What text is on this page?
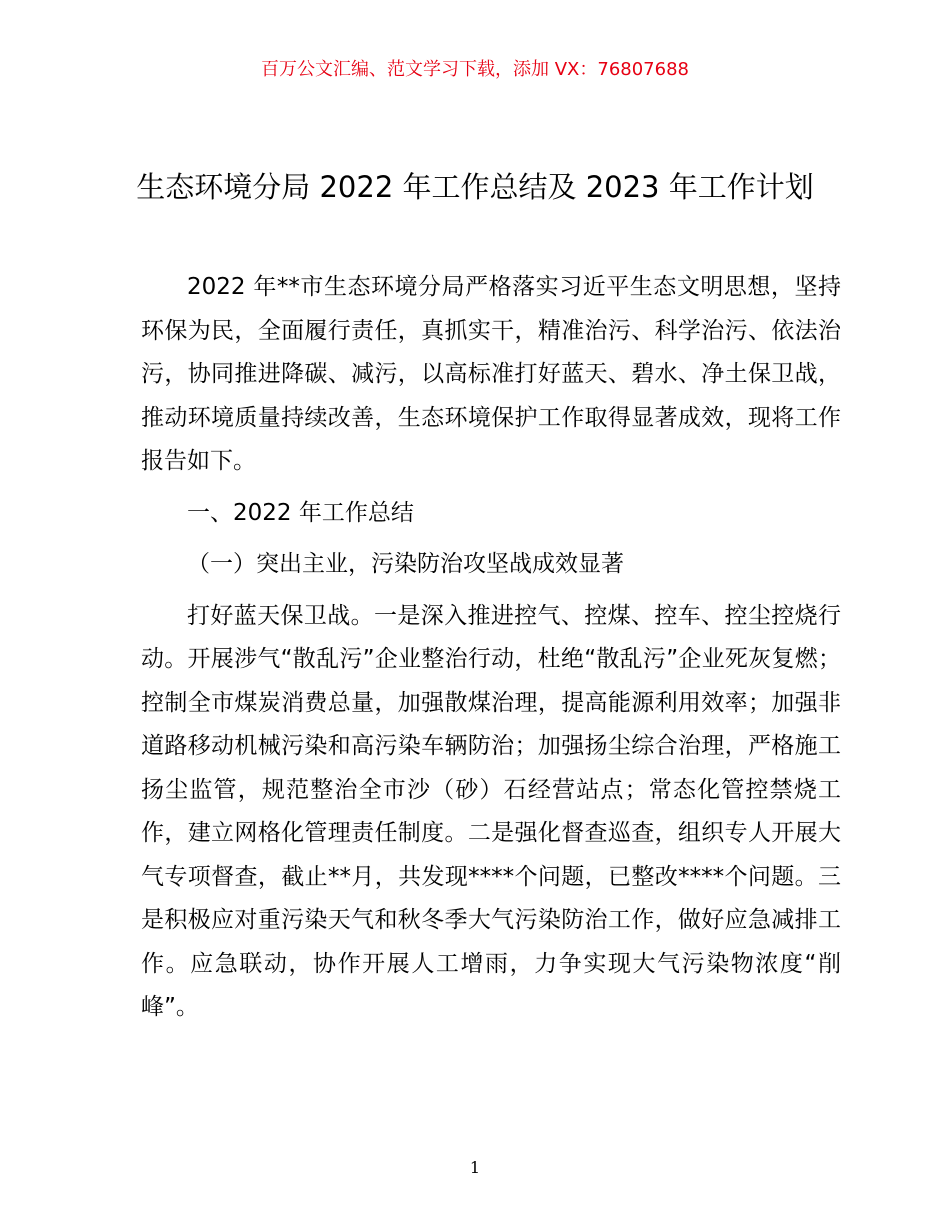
百万公文汇编、范文学习下载，添加 VX：76807688
生态环境分局 2022 年工作总结及 2023 年工作计划

2022 年**市生态环境分局严格落实习近平生态文明思想，坚持环保为民，全面履行责任，真抓实干，精准治污、科学治污、依法治污，协同推进降碳、减污，以高标准打好蓝天、碧水、净土保卫战，推动环境质量持续改善，生态环境保护工作取得显著成效，现将工作报告如下。

一、2022 年工作总结

（一）突出主业，污染防治攻坚战成效显著

打好蓝天保卫战。一是深入推进控气、控煤、控车、控尘控烧行动。开展涉气“散乱污”企业整治行动，杜绝“散乱污”企业死灰复燃；控制全市煤炭消费总量，加强散煤治理，提高能源利用效率；加强非道路移动机械污染和高污染车辆防治；加强扬尘综合治理，严格施工扬尘监管，规范整治全市沙（砂）石经营站点；常态化管控禁烧工作，建立网格化管理责任制度。二是强化督查巡查，组织专人开展大气专项督查，截止**月，共发现****个问题，已整改****个问题。三是积极应对重污染天气和秋冬季大气污染防治工作，做好应急减排工作。应急联动，协作开展人工增雨，力争实现大气污染物浓度“削峰”。

1
